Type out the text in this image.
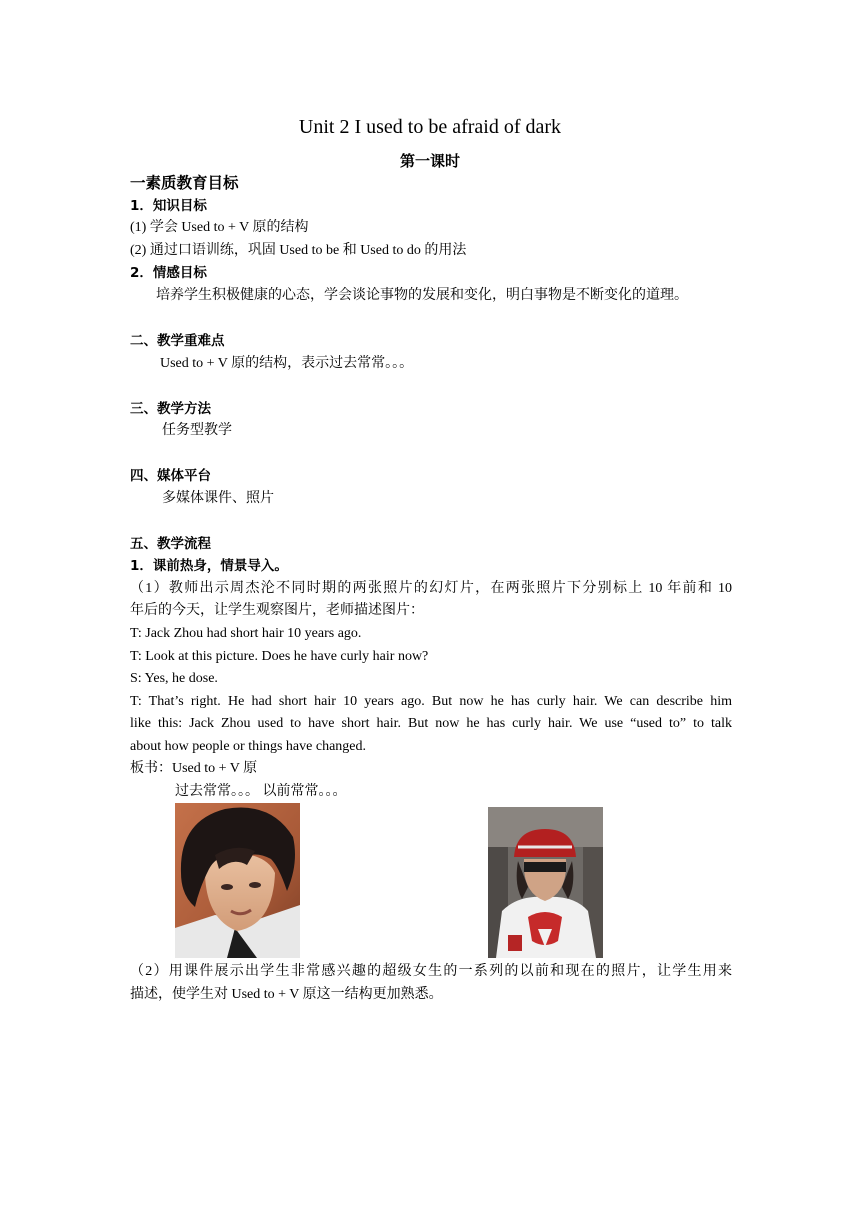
Unit 2 I used to be afraid of dark
第一课时
一素质教育目标
1．知识目标
(1) 学会 Used to + V 原的结构
(2) 通过口语训练，巩固 Used to be 和 Used to do 的用法
2．情感目标
培养学生积极健康的心态，学会谈论事物的发展和变化，明白事物是不断变化的道理。
二、教学重难点
Used to + V 原的结构，表示过去常常。。。
三、教学方法
任务型教学
四、媒体平台
多媒体课件、照片
五、教学流程
1．课前热身，情景导入。
（1）教师出示周杰沦不同时期的两张照片的幻灯片，在两张照片下分别标上 10 年前和 10
年后的今天，让学生观察图片，老师描述图片：
T: Jack Zhou had short hair 10 years ago.
T: Look at this picture. Does he have curly hair now?
S: Yes, he dose.
T: That’s right. He had short hair 10 years ago. But now he has curly hair. We can describe him
like this: Jack Zhou used to have short hair. But now he has curly hair. We use “used to” to talk
about how people or things have changed.
板书：Used to + V 原
过去常常。。。 以前常常。。。
（2）用课件展示出学生非常感兴趣的超级女生的一系列的以前和现在的照片，让学生用来
描述，使学生对 Used to + V 原这一结构更加熟悉。
